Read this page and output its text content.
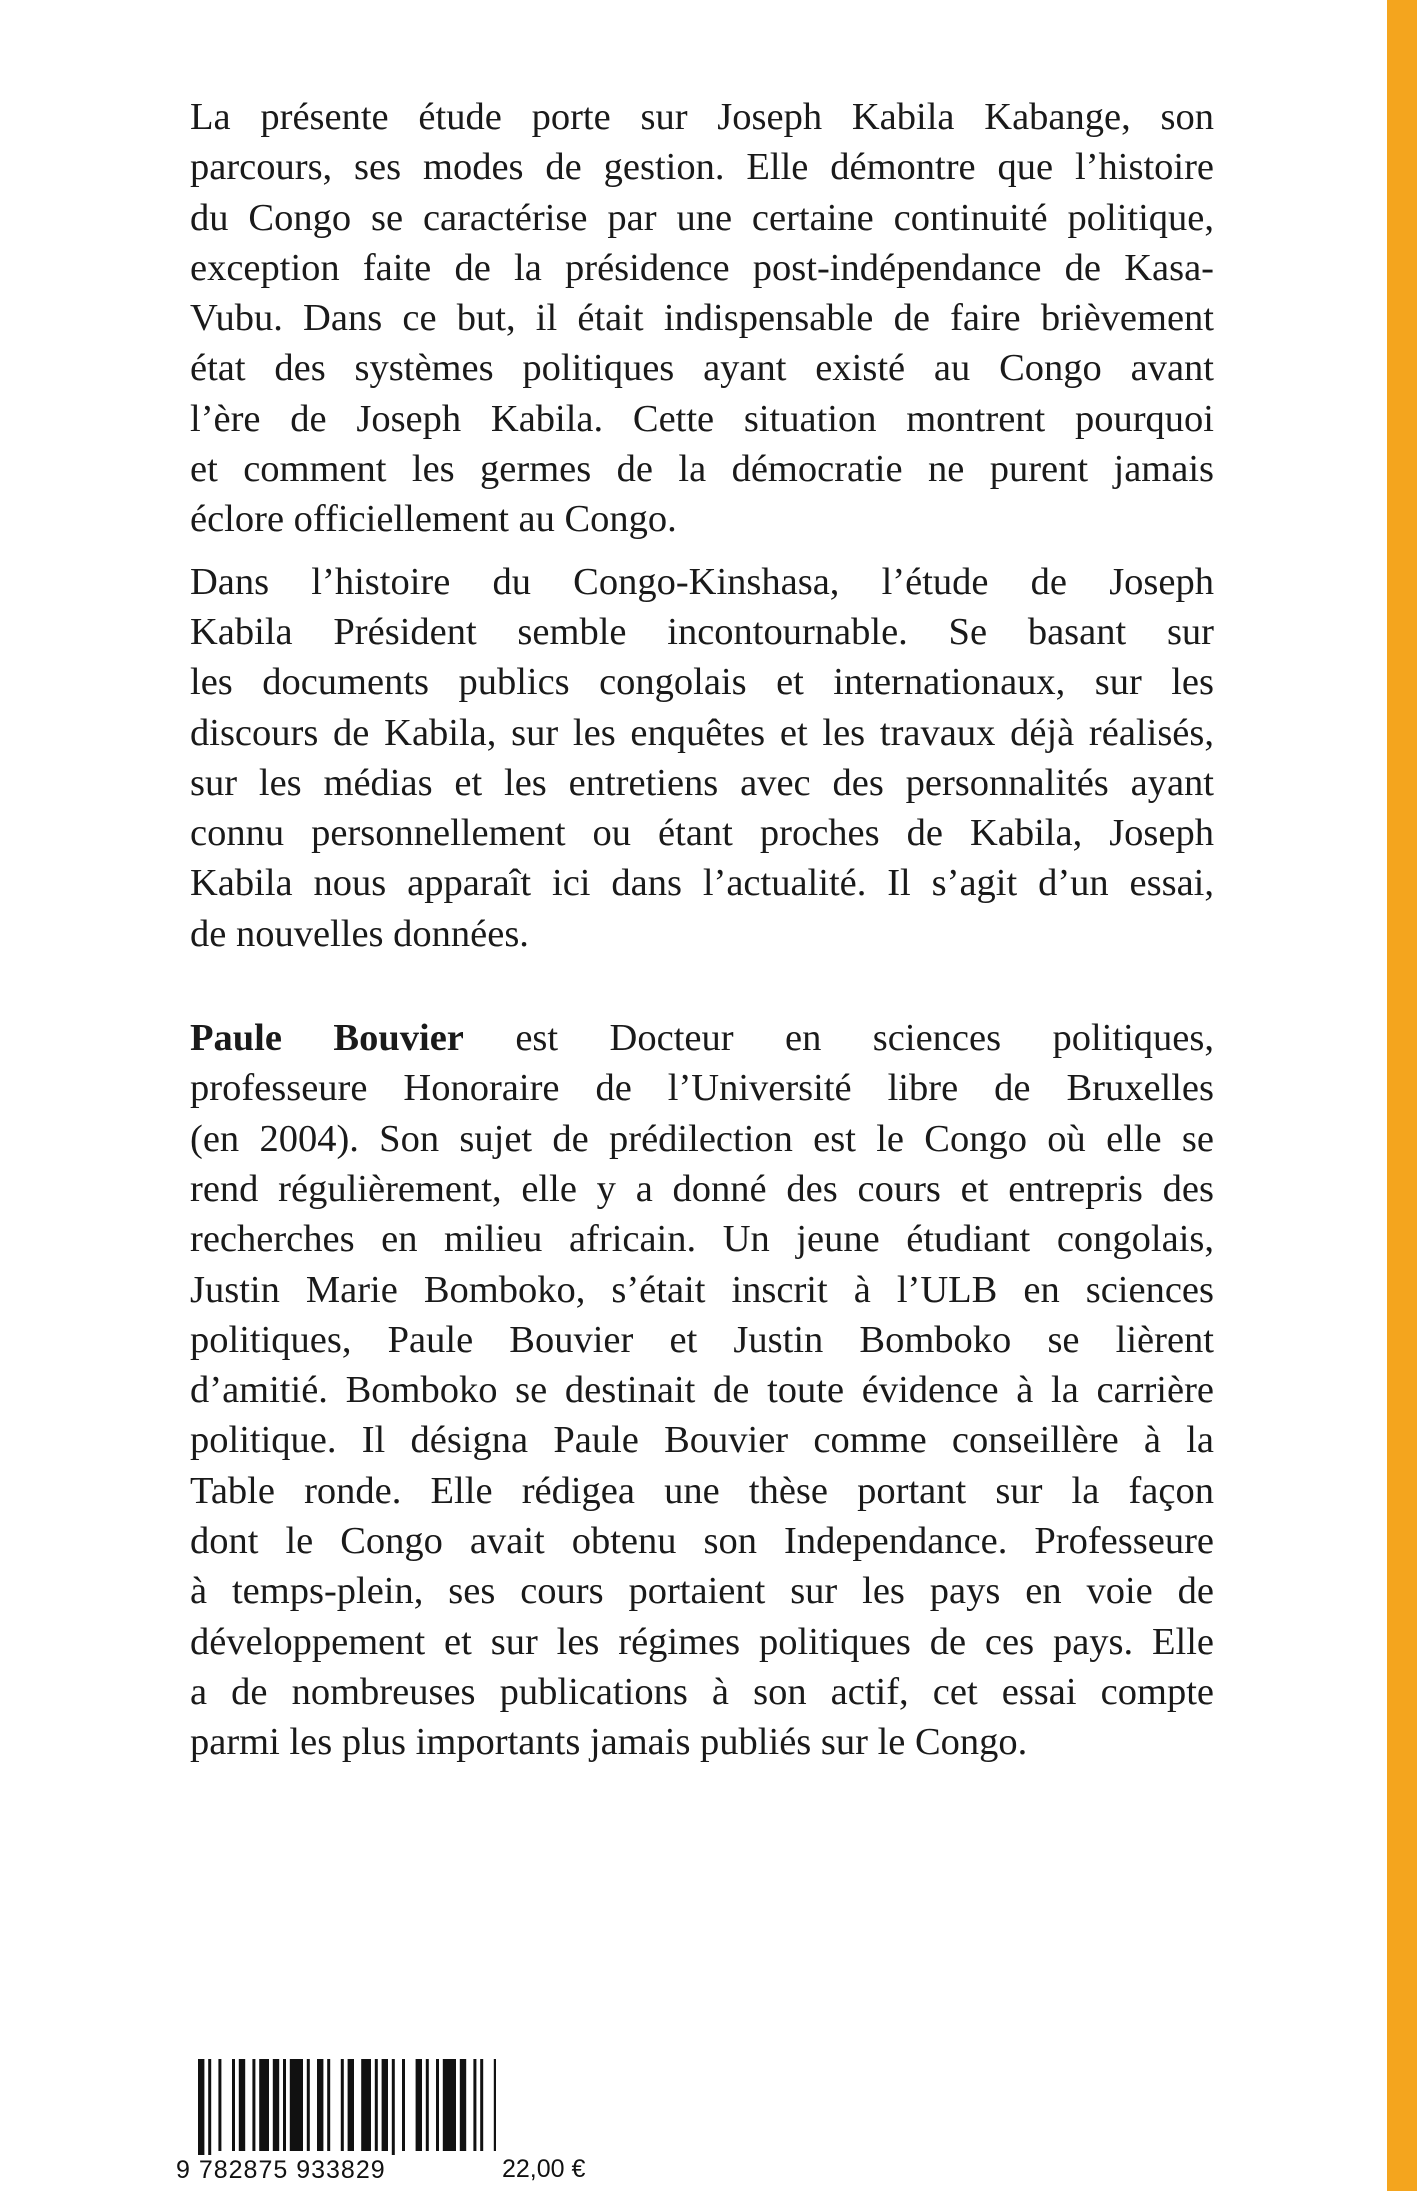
La présente étude porte sur Joseph Kabila Kabange, son
parcours, ses modes de gestion. Elle démontre que l’histoire
du Congo se caractérise par une certaine continuité politique,
exception faite de la présidence post-indépendance de Kasa-
Vubu. Dans ce but, il était indispensable de faire brièvement
état des systèmes politiques ayant existé au Congo avant
l’ère de Joseph Kabila. Cette situation montrent pourquoi
et comment les germes de la démocratie ne purent jamais
éclore officiellement au Congo.

Dans l’histoire du Congo-Kinshasa, l’étude de Joseph
Kabila Président semble incontournable. Se basant sur
les documents publics congolais et internationaux, sur les
discours de Kabila, sur les enquêtes et les travaux déjà réalisés,
sur les médias et les entretiens avec des personnalités ayant
connu personnellement ou étant proches de Kabila, Joseph
Kabila nous apparaît ici dans l’actualité. Il s’agit d’un essai,
de nouvelles données.

Paule Bouvier est Docteur en sciences politiques,
professeure Honoraire de l’Université libre de Bruxelles
(en 2004). Son sujet de prédilection est le Congo où elle se
rend régulièrement, elle y a donné des cours et entrepris des
recherches en milieu africain. Un jeune étudiant congolais,
Justin Marie Bomboko, s’était inscrit à l’ULB en sciences
politiques, Paule Bouvier et Justin Bomboko se lièrent
d’amitié. Bomboko se destinait de toute évidence à la carrière
politique. Il désigna Paule Bouvier comme conseillère à la
Table ronde. Elle rédigea une thèse portant sur la façon
dont le Congo avait obtenu son Independance. Professeure
à temps-plein, ses cours portaient sur les pays en voie de
développement et sur les régimes politiques de ces pays. Elle
a de nombreuses publications à son actif, cet essai compte
parmi les plus importants jamais publiés sur le Congo.

9 782875 933829	22,00 €
